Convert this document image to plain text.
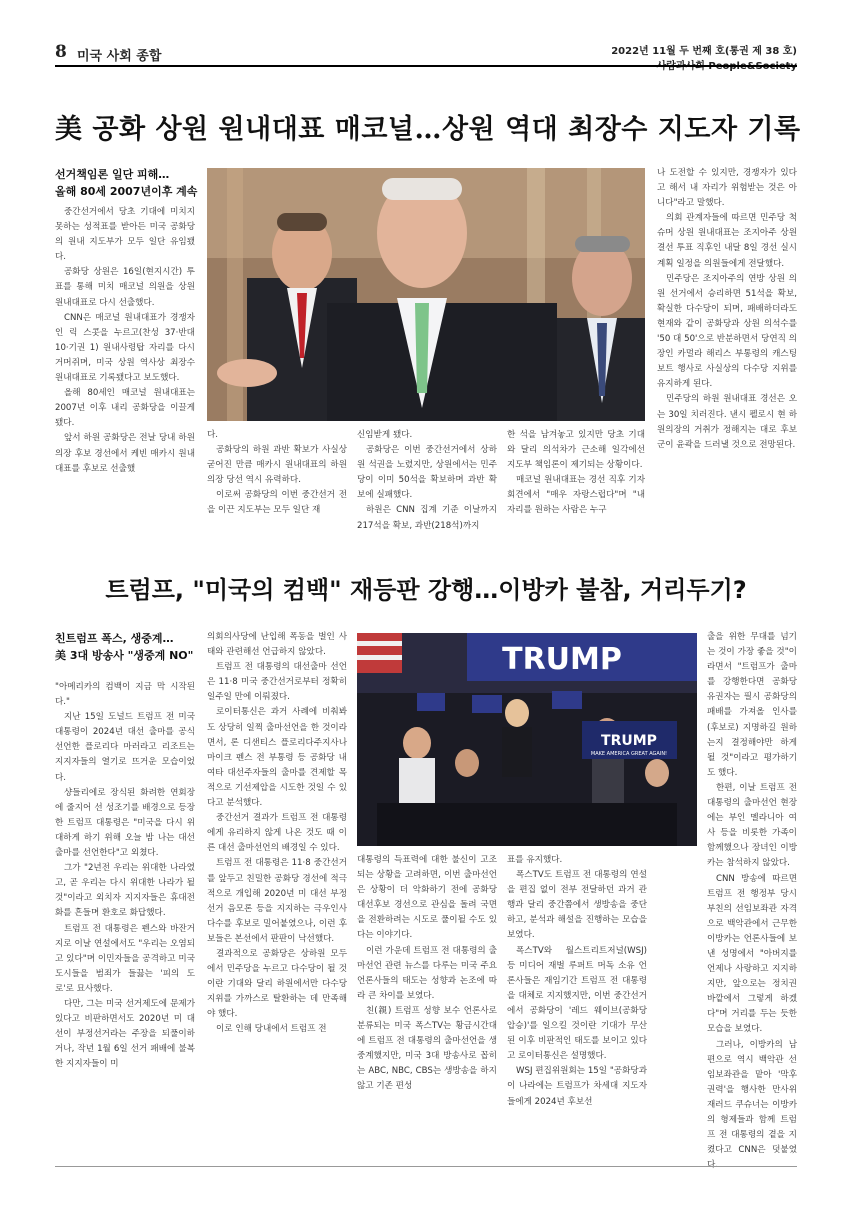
8 미국 사회 종합	2022년 11월 두 번째 호(통권 제 38 호)
美 공화 상원 원내대표 매코널…상원 역대 최장수 지도자 기록
선거책임론 일단 피해…
올해 80세 2007년이후 계속

중간선거에서 당초 기대에 미치지 못하는 성적표를 받아든 미국 공화당의 원내 지도부가 모두 일단 유임됐다.

공화당 상원은 16일(현지시간) 투표를 통해 미치 매코널 의원을 상원 원내대표로 다시 선출했다.

CNN은 매코널 원내대표가 경쟁자인 릭 스콧을 누르고(찬성 37·반대 10·기권 1) 원내사령탑 자리를 다시 거머쥐며, 미국 상원 역사상 최장수 원내대표로 기록됐다고 보도했다.

올해 80세인 매코널 원내대표는 2007년 이후 내리 공화당을 이끌게 됐다.

앞서 하원 공화당은 전날 당내 하원의장 후보 경선에서 케빈 매카시 원내대표를 후보로 선출했

다.

공화당의 하원 과반 확보가 사실상 굳어진 만큼 매카시 원내대표의 하원의장 당선 역시 유력하다.

이로써 공화당의 이번 중간선거 전을 이끈 지도부는 모두 일단 재

신임받게 됐다.

공화당은 이번 중간선거에서 상하원 석권을 노렸지만, 상원에서는 민주당이 이미 50석을 확보하며 과반 확보에 실패했다.

하원은 CNN 집계 기준 이날까지 217석을 확보, 과반(218석)까지

한 석을 남겨놓고 있지만 당초 기대와 달리 의석차가 근소해 일각에선 지도부 책임론이 제기되는 상황이다.

매코널 원내대표는 경선 직후 기자회견에서 "매우 자랑스럽다"며 "내 자리를 원하는 사람은 누구

나 도전할 수 있지만, 경쟁자가 있다고 해서 내 자리가 위험받는 것은 아니다"라고 말했다.

의회 관계자들에 따르면 민주당 척 슈머 상원 원내대표는 조지아주 상원 결선 투표 직후인 내달 8일 경선 실시 계획 일정을 의원들에게 전달했다.

민주당은 조지아주의 연방 상원 의원 선거에서 승리하면 51석을 확보, 확실한 다수당이 되며, 패배하더라도 현재와 같이 공화당과 상원 의석수를 '50 대 50'으로 반분하면서 당연직 의장인 카멀라 해리스 부통령의 캐스팅 보트 행사로 사실상의 다수당 지위를 유지하게 된다.

민주당의 하원 원내대표 경선은 오는 30일 치러진다. 낸시 펠로시 현 하원의장의 거취가 정해지는 대로 후보군이 윤곽을 드러낼 것으로 전망된다.

트럼프, "미국의 컴백" 재등판 강행…이방카 불참, 거리두기?
친트럼프 폭스, 생중계…
美 3대 방송사 "생중계 NO"

"아메리카의 컴백이 지금 막 시작된다."

지난 15일 도널드 트럼프 전 미국 대통령이 2024년 대선 출마를 공식 선언한 플로리다 마러라고 리조트는 지지자들의 열기로 뜨거운 모습이었다.

샹들리에로 장식된 화려한 연회장에 줄지어 선 성조기를 배경으로 등장한 트럼프 대통령은 "미국을 다시 위대하게 하기 위해 오늘 밤 나는 대선 출마를 선언한다"고 외쳤다.

그가 "2년전 우리는 위대한 나라였고, 곧 우리는 다시 위대한 나라가 될 것"이라고 외치자 지지자들은 휴대전화를 흔들며 환호로 화답했다.

트럼프 전 대통령은 펜스와 바잔거지로 이날 연설에서도 "우리는 오염되고 있다"며 이민자들을 공격하고 미국 도시들을 범죄가 들끓는 '피의 도로'로 묘사했다.

다만, 그는 미국 선거제도에 문제가 있다고 비판하면서도 2020년 미 대선이 부정선거라는 주장을 되풀이하거나, 작년 1월 6일 선거 패배에 불복한 지지자들이 미

의회의사당에 난입해 폭동을 벌인 사태와 관련해선 언급하지 않았다.

트럼프 전 대통령의 대선출마 선언은 11·8 미국 중간선거로부터 정확히 일주일 만에 이뤄졌다.

로이터통신은 과거 사례에 비춰봐도 상당히 일찍 출마선언을 한 것이라면서, 론 디샌티스 플로리다주지사나 마이크 펜스 전 부통령 등 공화당 내 여타 대선주자들의 출마를 견제할 목적으로 기선제압을 시도한 것일 수 있다고 분석했다.

중간선거 결과가 트럼프 전 대통령에게 유리하지 않게 나온 것도 때 이른 대선 출마선언의 배경일 수 있다.

트럼프 전 대통령은 11·8 중간선거를 앞두고 친밀한 공화당 경선에 적극적으로 개입해 2020년 미 대선 부정선거 음모론 등을 지지하는 극우인사 다수를 후보로 밀어붙였으나, 이런 후보들은 본선에서 판판이 낙선했다.

결과적으로 공화당은 상하원 모두에서 민주당을 누르고 다수당이 될 것이란 기대와 달리 하원에서만 다수당 지위를 가까스로 탈환하는 데 만족해야 했다.

이로 인해 당내에서 트럼프 전

TRUMP
TRUMP
MAKE AMERICA GREAT AGAIN!

대통령의 득표력에 대한 불신이 고조되는 상황을 고려하면, 이번 출마선언은 상황이 더 악화하기 전에 공화당 대선후보 경선으로 관심을 돌려 국면을 전환하려는 시도로 풀이될 수도 있다는 이야기다.

이런 가운데 트럼프 전 대통령의 출마선언 관련 뉴스를 다루는 미국 주요 언론사들의 태도는 성향과 논조에 따라 큰 차이를 보였다.

친(親) 트럼프 성향 보수 언론사로 분류되는 미국 폭스TV는 황금시간대에 트럼프 전 대통령의 출마선언을 생중계했지만, 미국 3대 방송사로 꼽히는 ABC, NBC, CBS는 생방송을 하지 않고 기존 편성

표를 유지했다.

폭스TV도 트럼프 전 대통령의 연설을 편집 없이 전부 전달하던 과거 관행과 달리 중간쯤에서 생방송을 중단하고, 분석과 해설을 진행하는 모습을 보였다.

폭스TV와 월스트리트저널(WSJ) 등 미디어 재벌 루퍼트 머독 소유 언론사들은 재임기간 트럼프 전 대통령을 대체로 지지했지만, 이번 중간선거에서 공화당이 '레드 웨이브(공화당 압승)'를 일으킬 것이란 기대가 무산된 이후 비판적인 태도를 보이고 있다고 로이터통신은 설명했다.

WSJ 편집위원회는 15일 "공화당과 이 나라에는 트럼프가 차세대 지도자들에게 2024년 후보선

출을 위한 무대를 넘기는 것이 가장 좋을 것"이라면서 "트럼프가 출마를 강행한다면 공화당 유권자는 필시 공화당의 패배를 가져올 인사를 (후보로) 지명하길 원하는지 결정해야만 하게 될 것"이라고 평가하기도 했다.

한편, 이날 트럼프 전 대통령의 출마선언 현장에는 부인 멜라니아 여사 등을 비롯한 가족이 함께했으나 장녀인 이방카는 참석하지 않았다.

CNN 방송에 따르면 트럼프 전 행정부 당시 부친의 선임보좌관 자격으로 백악관에서 근무한 이방카는 언론사들에 보낸 성명에서 "아버지를 언제나 사랑하고 지지하지만, 앞으로는 정치권 바깥에서 그렇게 하겠다"며 거리를 두는 듯한 모습을 보였다.

그러나, 이방카의 남편으로 역시 백악관 선임보좌관을 맡아 '막후 권력'을 행사한 만사위 재러드 쿠슈너는 이방카의 형제들과 함께 트럼프 전 대통령의 곁을 지켰다고 CNN은 덧붙였
